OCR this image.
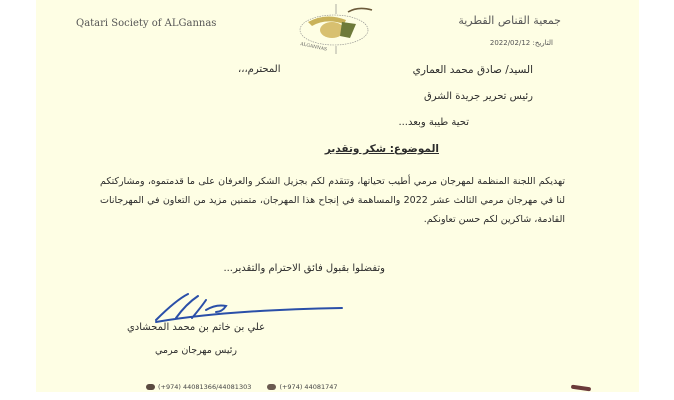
Qatari Society of ALGannas
ALGANNAS
جمعية القناص القطرية
التاريخ: 2022/02/12
السيد/ صادق محمد العماري
المحترم،،،
رئيس تحرير جريدة الشرق
تحية طيبة وبعد...
الموضوع: شكر وتقدير
تهديكم اللجنة المنظمة لمهرجان مرمي أطيب تحياتها، وتتقدم لكم بجزيل الشكر والعرفان على ما قدمتموه، ومشاركتكم لنا في مهرجان مرمي الثالث عشر 2022 والمساهمة في إنجاح هذا المهرجان، متمنين مزيد من التعاون في المهرجانات القادمة، شاكرين لكم حسن تعاونكم.
وتفضلوا بقبول فائق الاحترام والتقدير...
علي بن خاتم بن محمد المحشادي
رئيس مهرجان مرمي
(+974) 44081366/44081303	(+974) 44081747
